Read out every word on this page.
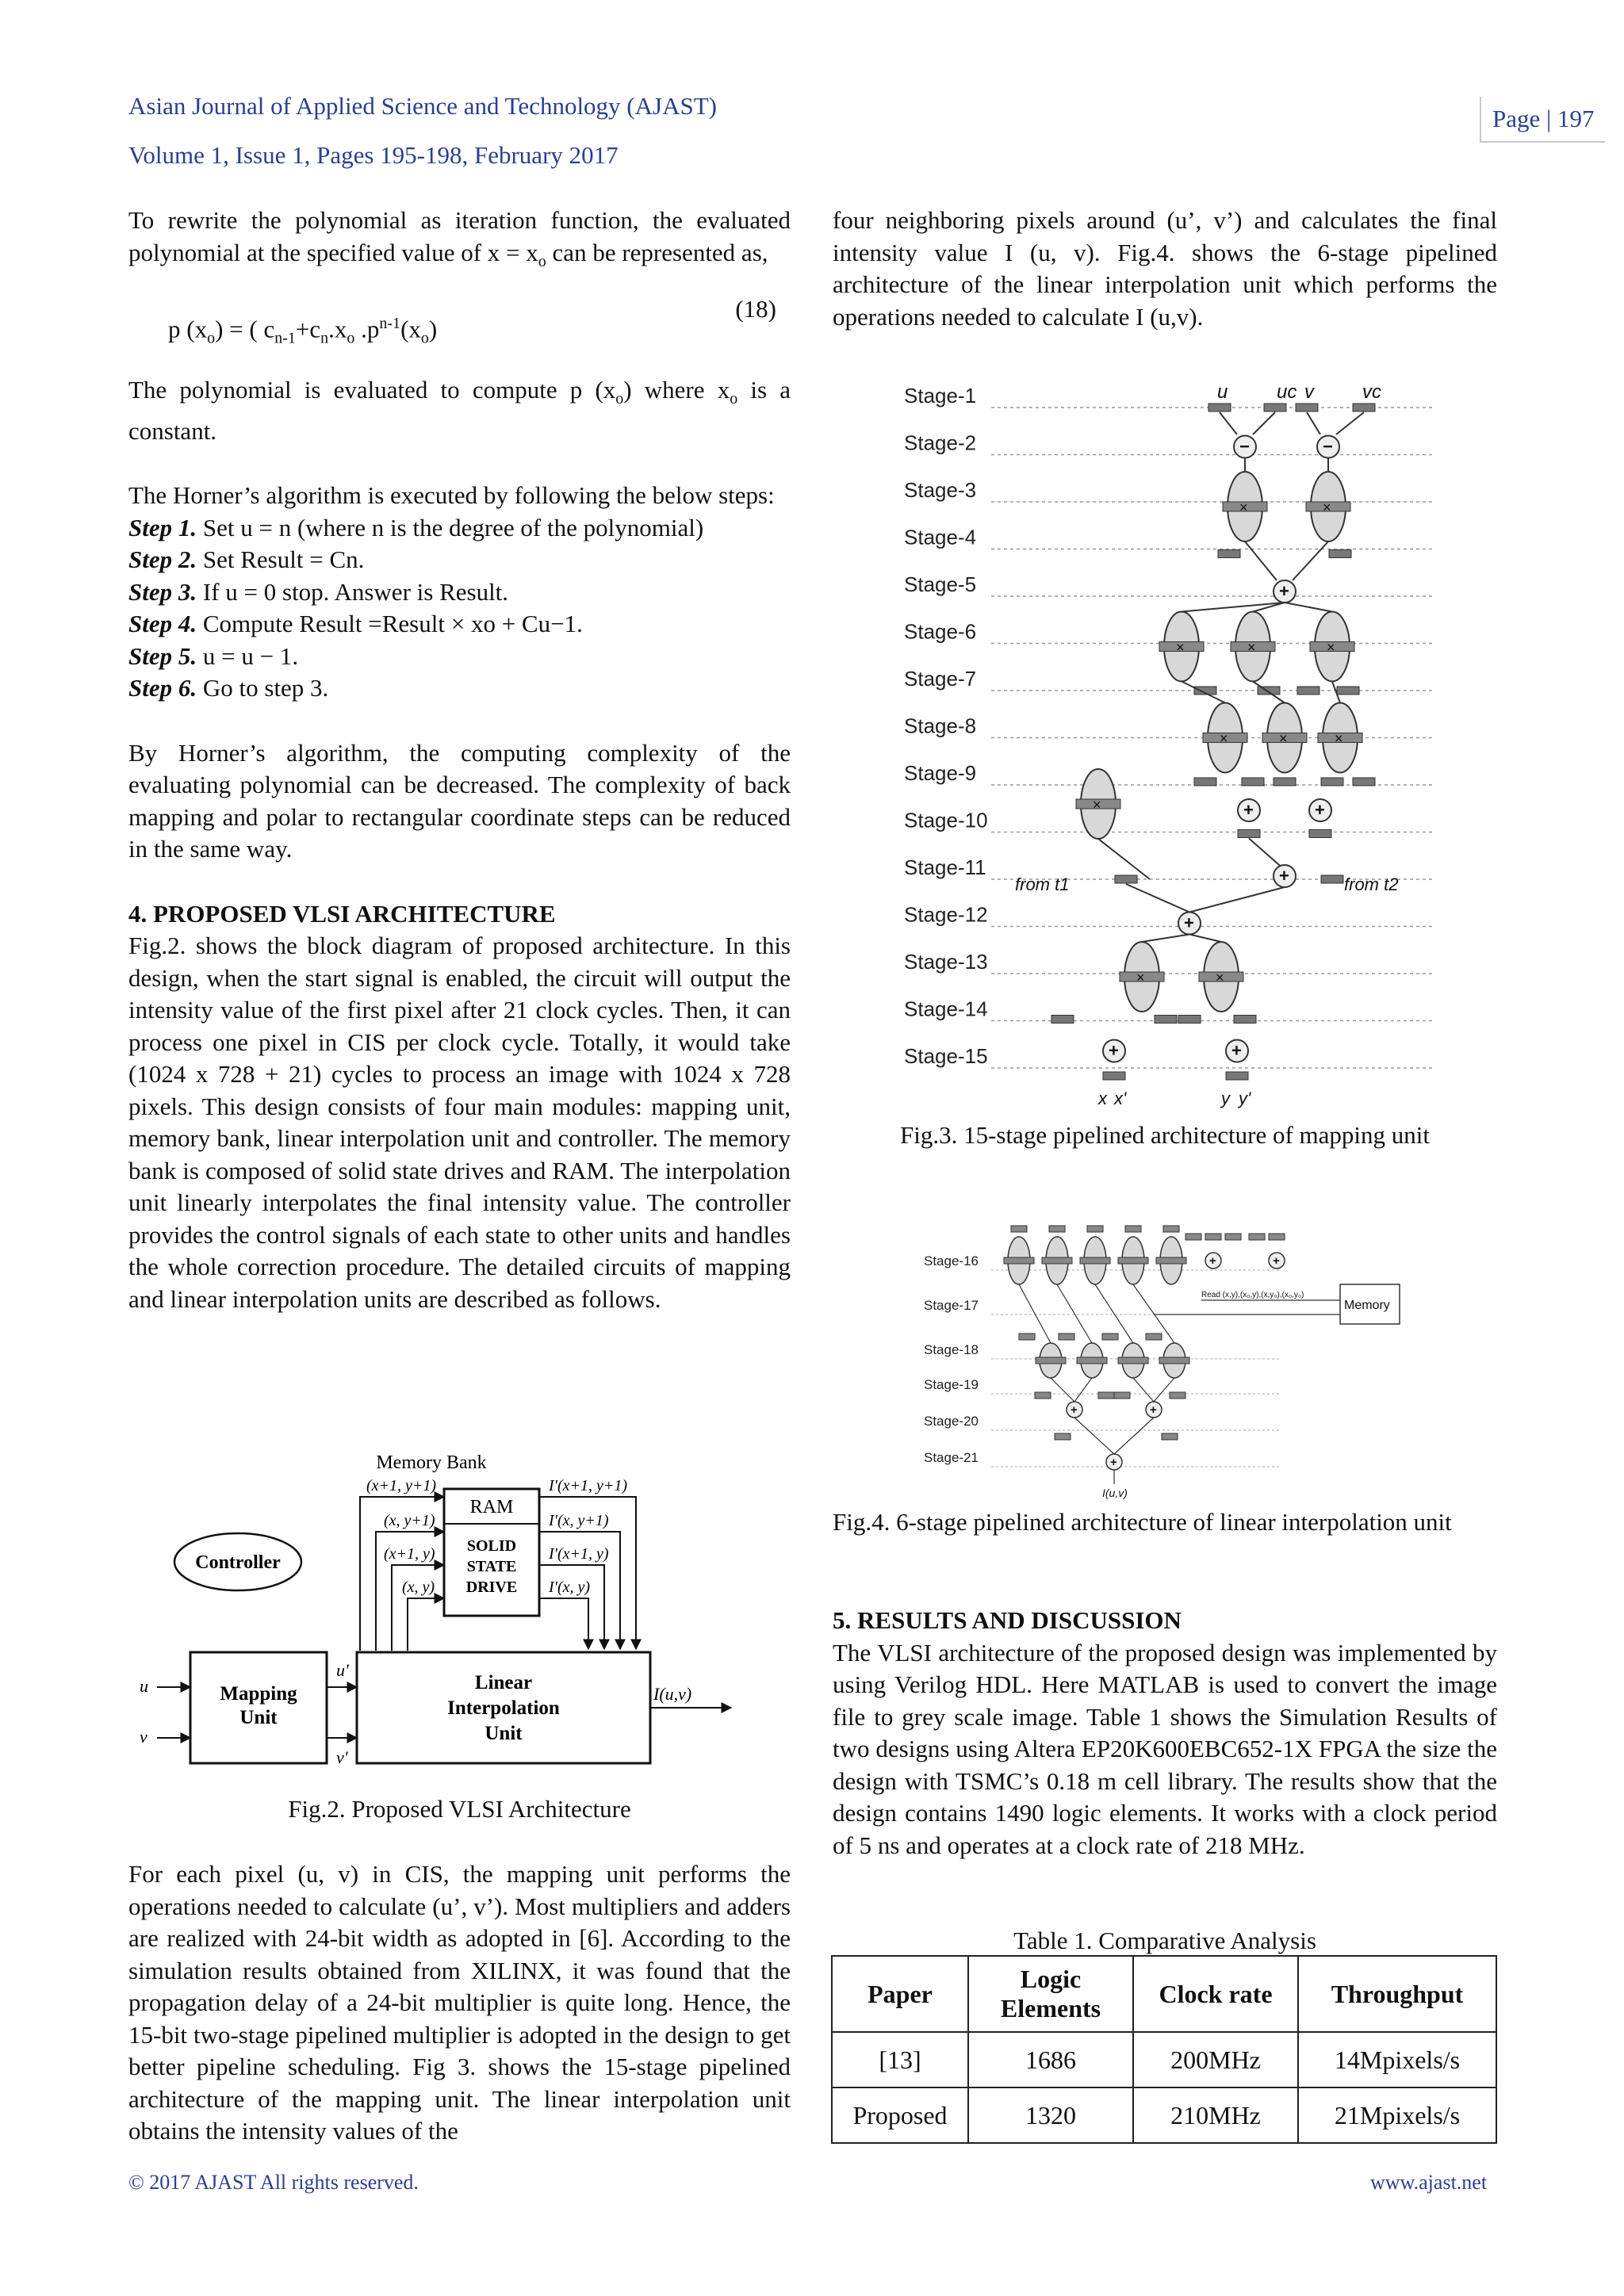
Asian Journal of Applied Science and Technology (AJAST)
Volume 1, Issue 1, Pages 195-198, February 2017
Page | 197

To rewrite the polynomial as iteration function, the evaluated polynomial at the specified value of $x = x_o$ can be represented as,

p $(x_o)$ = ( $c_{n-1}+c_n.x_o$ $.p^{n-1}(x_o)$
(18)

The polynomial is evaluated to compute p $(x_o)$ where $x_o$ is a constant.

The Horner’s algorithm is executed by following the below steps:

Step 1. Set u = n (where n is the degree of the polynomial)
Step 2. Set Result = Cn.
Step 3. If u = 0 stop. Answer is Result.
Step 4. Compute Result =Result × xo + Cu−1.
Step 5. u = u − 1.
Step 6. Go to step 3.

By Horner’s algorithm, the computing complexity of the evaluating polynomial can be decreased. The complexity of back mapping and polar to rectangular coordinate steps can be reduced in the same way.

4. PROPOSED VLSI ARCHITECTURE

Fig.2. shows the block diagram of proposed architecture. In this design, when the start signal is enabled, the circuit will output the intensity value of the first pixel after 21 clock cycles. Then, it can process one pixel in CIS per clock cycle. Totally, it would take (1024 x 728 + 21) cycles to process an image with 1024 x 728 pixels. This design consists of four main modules: mapping unit, memory bank, linear interpolation unit and controller. The memory bank is composed of solid state drives and RAM. The interpolation unit linearly interpolates the final intensity value. The controller provides the control signals of each state to other units and handles the whole correction procedure. The detailed circuits of mapping and linear interpolation units are described as follows.

Memory Bank
RAM
SOLID
STATE
DRIVE
(x+1, y+1)
(x, y+1)
(x+1, y)
(x, y)
I'(x+1, y+1)
I'(x, y+1)
I'(x+1, y)
I'(x, y)
Controller
Mapping
Unit
Linear
Interpolation
Unit
u
v
u'
v'
I(u,v)
Fig.2. Proposed VLSI Architecture

For each pixel (u, v) in CIS, the mapping unit performs the operations needed to calculate (u’, v’). Most multipliers and adders are realized with 24-bit width as adopted in [6]. According to the simulation results obtained from XILINX, it was found that the propagation delay of a 24-bit multiplier is quite long. Hence, the 15-bit two-stage pipelined multiplier is adopted in the design to get better pipeline scheduling. Fig 3. shows the 15-stage pipelined architecture of the mapping unit. The linear interpolation unit obtains the intensity values of the

four neighboring pixels around (u’, v’) and calculates the final intensity value I (u, v). Fig.4. shows the 6-stage pipelined architecture of the linear interpolation unit which performs the operations needed to calculate I (u,v).

Stage-1
Stage-2
Stage-3
Stage-4
Stage-5
Stage-6
Stage-7
Stage-8
Stage-9
Stage-10
Stage-11
Stage-12
Stage-13
Stage-14
Stage-15
u	uc v	vc
−	−
×	×
+
×	×	×
×	×	×
+	+
×
+
+
from t1	from t2
×	×
+	+
x x'	y y'
Fig.3. 15-stage pipelined architecture of mapping unit
Stage-16
Stage-17
Stage-18
Stage-19
Stage-20
Stage-21
+	+
Memory
Read (x,y),(x₀,y),(x,y₀),(x₀,y₀)
+	+
+
I(u,v)
Fig.4. 6-stage pipelined architecture of linear interpolation unit

5. RESULTS AND DISCUSSION

The VLSI architecture of the proposed design was implemented by using Verilog HDL. Here MATLAB is used to convert the image file to grey scale image. Table 1 shows the Simulation Results of two designs using Altera EP20K600EBC652-1X FPGA the size the design with TSMC’s 0.18 m cell library. The results show that the design contains 1490 logic elements. It works with a clock period of 5 ns and operates at a clock rate of 218 MHz.

Table 1. Comparative Analysis
Paper	Logic Elements	Clock rate	Throughput
[13]	1686	200MHz	14Mpixels/s
Proposed	1320	210MHz	21Mpixels/s
© 2017 AJAST All rights reserved.	www.ajast.net
